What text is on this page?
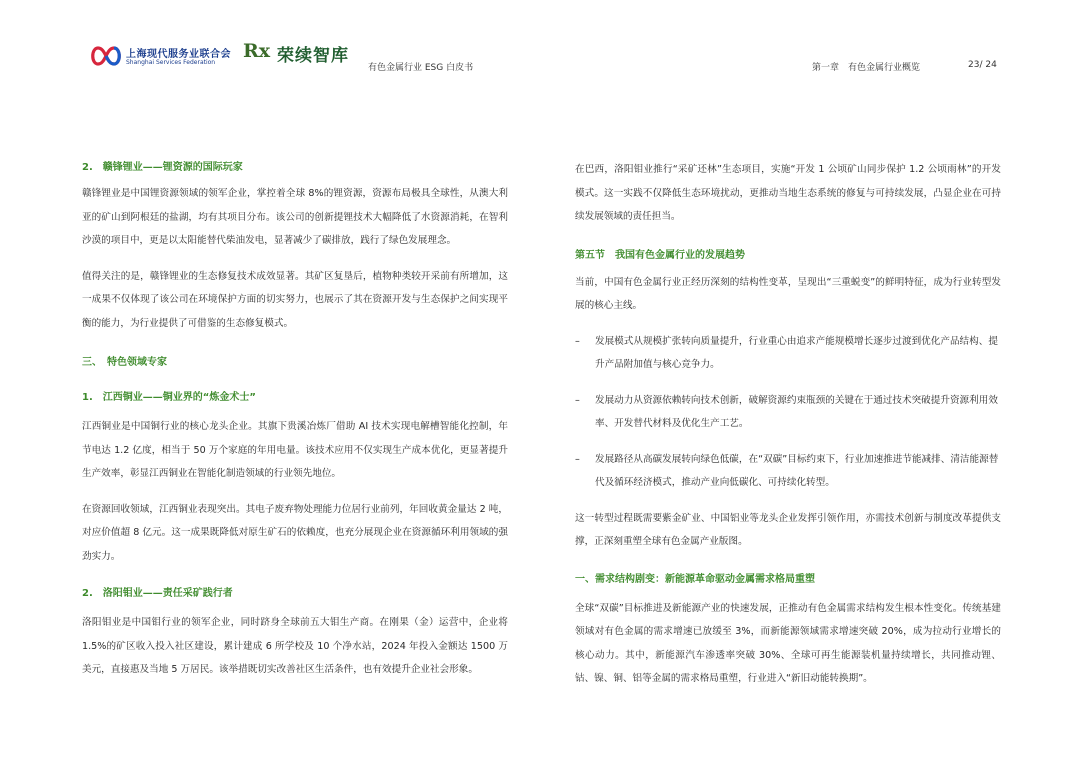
上海现代服务业联合会
Shanghai Services Federation
Rx 荣续智库
有色金属行业 ESG 白皮书	第一章　有色金属行业概览	23/ 24
2.　赣锋锂业——锂资源的国际玩家
赣锋锂业是中国锂资源领域的领军企业，掌控着全球 8%的锂资源，资源布局极具全球性，从澳大利亚的矿山到阿根廷的盐湖，均有其项目分布。该公司的创新提锂技术大幅降低了水资源消耗，在智利沙漠的项目中，更是以太阳能替代柴油发电，显著减少了碳排放，践行了绿色发展理念。
值得关注的是，赣锋锂业的生态修复技术成效显著。其矿区复垦后，植物种类较开采前有所增加，这一成果不仅体现了该公司在环境保护方面的切实努力，也展示了其在资源开发与生态保护之间实现平衡的能力，为行业提供了可借鉴的生态修复模式。
三、　特色领域专家
1.　江西铜业——铜业界的“炼金术士”
江西铜业是中国铜行业的核心龙头企业。其旗下贵溪冶炼厂借助 AI 技术实现电解槽智能化控制，年节电达 1.2 亿度，相当于 50 万个家庭的年用电量。该技术应用不仅实现生产成本优化，更显著提升生产效率，彰显江西铜业在智能化制造领域的行业领先地位。
在资源回收领域，江西铜业表现突出。其电子废弃物处理能力位居行业前列，年回收黄金量达 2 吨，对应价值超 8 亿元。这一成果既降低对原生矿石的依赖度，也充分展现企业在资源循环利用领域的强劲实力。
2.　洛阳钼业——责任采矿践行者
洛阳钼业是中国钼行业的领军企业，同时跻身全球前五大钼生产商。在刚果（金）运营中，企业将 1.5%的矿区收入投入社区建设，累计建成 6 所学校及 10 个净水站，2024 年投入金额达 1500 万美元，直接惠及当地 5 万居民。该举措既切实改善社区生活条件，也有效提升企业社会形象。
在巴西，洛阳钼业推行“采矿还林”生态项目，实施“开发 1 公顷矿山同步保护 1.2 公顷雨林”的开发模式。这一实践不仅降低生态环境扰动，更推动当地生态系统的修复与可持续发展，凸显企业在可持续发展领域的责任担当。
第五节　我国有色金属行业的发展趋势
当前，中国有色金属行业正经历深刻的结构性变革，呈现出“三重蜕变”的鲜明特征，成为行业转型发展的核心主线。
– 发展模式从规模扩张转向质量提升，行业重心由追求产能规模增长逐步过渡到优化产品结构、提升产品附加值与核心竞争力。
– 发展动力从资源依赖转向技术创新，破解资源约束瓶颈的关键在于通过技术突破提升资源利用效率、开发替代材料及优化生产工艺。
– 发展路径从高碳发展转向绿色低碳，在“双碳”目标约束下，行业加速推进节能减排、清洁能源替代及循环经济模式，推动产业向低碳化、可持续化转型。
这一转型过程既需要紫金矿业、中国铝业等龙头企业发挥引领作用，亦需技术创新与制度改革提供支撑，正深刻重塑全球有色金属产业版图。
一、需求结构剧变：新能源革命驱动金属需求格局重塑
全球“双碳”目标推进及新能源产业的快速发展，正推动有色金属需求结构发生根本性变化。传统基建领域对有色金属的需求增速已放缓至 3%，而新能源领域需求增速突破 20%，成为拉动行业增长的核心动力。其中，新能源汽车渗透率突破 30%、全球可再生能源装机量持续增长，共同推动锂、钴、镍、铜、铝等金属的需求格局重塑，行业进入“新旧动能转换期”。
